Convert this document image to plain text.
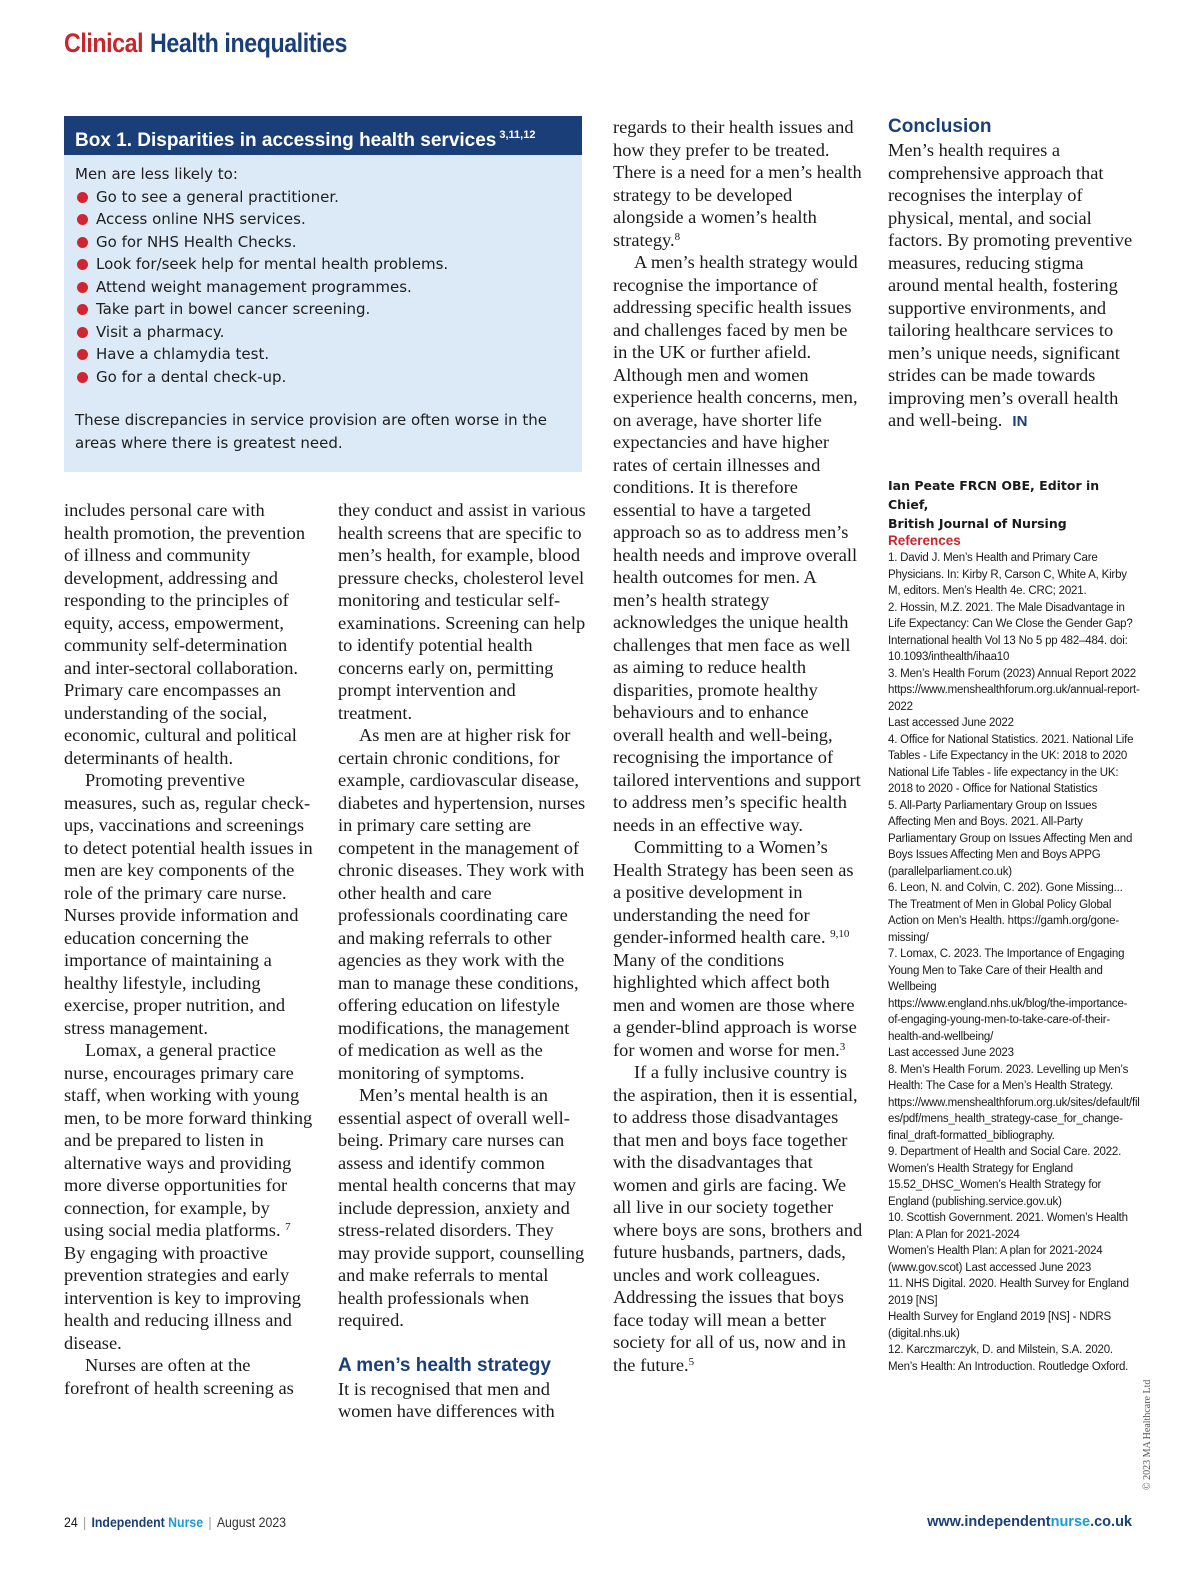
Clinical Health inequalities
Box 1. Disparities in accessing health services $^{3,11,12}$
Men are less likely to:
Go to see a general practitioner.
Access online NHS services.
Go for NHS Health Checks.
Look for/seek help for mental health problems.
Attend weight management programmes.
Take part in bowel cancer screening.
Visit a pharmacy.
Have a chlamydia test.
Go for a dental check-up.
These discrepancies in service provision are often worse in the areas where there is greatest need.

includes personal care with health promotion, the prevention of illness and community development, addressing and responding to the principles of equity, access, empowerment, community self-determination and inter-sectoral collaboration. Primary care encompasses an understanding of the social, economic, cultural and political determinants of health.

Promoting preventive measures, such as, regular check-ups, vaccinations and screenings to detect potential health issues in men are key components of the role of the primary care nurse. Nurses provide information and education concerning the importance of maintaining a healthy lifestyle, including exercise, proper nutrition, and stress management.

Lomax, a general practice nurse, encourages primary care staff, when working with young men, to be more forward thinking and be prepared to listen in alternative ways and providing more diverse opportunities for connection, for example, by using social media platforms. $^7$ By engaging with proactive prevention strategies and early intervention is key to improving health and reducing illness and disease.

Nurses are often at the forefront of health screening as

they conduct and assist in various health screens that are specific to men’s health, for example, blood pressure checks, cholesterol level monitoring and testicular self-examinations. Screening can help to identify potential health concerns early on, permitting prompt intervention and treatment.

As men are at higher risk for certain chronic conditions, for example, cardiovascular disease, diabetes and hypertension, nurses in primary care setting are competent in the management of chronic diseases. They work with other health and care professionals coordinating care and making referrals to other agencies as they work with the man to manage these conditions, offering education on lifestyle modifications, the management of medication as well as the monitoring of symptoms.

Men’s mental health is an essential aspect of overall well-being. Primary care nurses can assess and identify common mental health concerns that may include depression, anxiety and stress-related disorders. They may provide support, counselling and make referrals to mental health professionals when required.

A men’s health strategy

It is recognised that men and women have differences with

regards to their health issues and how they prefer to be treated. There is a need for a men’s health strategy to be developed alongside a women’s health strategy.$^8$

A men’s health strategy would recognise the importance of addressing specific health issues and challenges faced by men be in the UK or further afield. Although men and women experience health concerns, men, on average, have shorter life expectancies and have higher rates of certain illnesses and conditions. It is therefore essential to have a targeted approach so as to address men’s health needs and improve overall health outcomes for men. A men’s health strategy acknowledges the unique health challenges that men face as well as aiming to reduce health disparities, promote healthy behaviours and to enhance overall health and well-being, recognising the importance of tailored interventions and support to address men’s specific health needs in an effective way.

Committing to a Women’s Health Strategy has been seen as a positive development in understanding the need for gender-informed health care. $^{9,10}$ Many of the conditions highlighted which affect both men and women are those where a gender-blind approach is worse for women and worse for men.$^3$

If a fully inclusive country is the aspiration, then it is essential, to address those disadvantages that men and boys face together with the disadvantages that women and girls are facing. We all live in our society together where boys are sons, brothers and future husbands, partners, dads, uncles and work colleagues. Addressing the issues that boys face today will mean a better society for all of us, now and in the future.$^5$

Conclusion

Men’s health requires a comprehensive approach that recognises the interplay of physical, mental, and social factors. By promoting preventive measures, reducing stigma around mental health, fostering supportive environments, and tailoring healthcare services to men’s unique needs, significant strides can be made towards improving men’s overall health and well-being. IN

Ian Peate FRCN OBE, Editor in Chief,
British Journal of Nursing
References
1. David J. Men’s Health and Primary Care Physicians. In: Kirby R, Carson C, White A, Kirby M, editors. Men’s Health 4e. CRC; 2021.
2. Hossin, M.Z. 2021. The Male Disadvantage in Life Expectancy: Can We Close the Gender Gap? International health Vol 13 No 5 pp 482–484. doi: 10.1093/inthealth/ihaa10
3. Men’s Health Forum (2023) Annual Report 2022 https://www.menshealthforum.org.uk/annual-report-2022
Last accessed June 2022
4. Office for National Statistics. 2021. National Life Tables - Life Expectancy in the UK: 2018 to 2020
National Life Tables - life expectancy in the UK: 2018 to 2020 - Office for National Statistics
5. All-Party Parliamentary Group on Issues Affecting Men and Boys. 2021. All-Party Parliamentary Group on Issues Affecting Men and Boys Issues Affecting Men and Boys APPG (parallelparliament.co.uk)
6. Leon, N. and Colvin, C. 202). Gone Missing... The Treatment of Men in Global Policy Global Action on Men’s Health. https://gamh.org/gone-missing/
7. Lomax, C. 2023. The Importance of Engaging Young Men to Take Care of their Health and Wellbeing
https://www.england.nhs.uk/blog/the-importance-of-engaging-young-men-to-take-care-of-their-health-and-wellbeing/
Last accessed June 2023
8. Men’s Health Forum. 2023. Levelling up Men’s Health: The Case for a Men’s Health Strategy.
https://www.menshealthforum.org.uk/sites/default/files/pdf/mens_health_strategy-case_for_change-final_draft-formatted_bibliography.
9. Department of Health and Social Care. 2022. Women’s Health Strategy for England
15.52_DHSC_Women’s Health Strategy for England (publishing.service.gov.uk)
10. Scottish Government. 2021. Women’s Health Plan: A Plan for 2021-2024
Women’s Health Plan: A plan for 2021-2024 (www.gov.scot) Last accessed June 2023
11. NHS Digital. 2020. Health Survey for England 2019 [NS]
Health Survey for England 2019 [NS] - NDRS (digital.nhs.uk)
12. Karczmarczyk, D. and Milstein, S.A. 2020. Men’s Health: An Introduction. Routledge Oxford.
© 2023 MA Healthcare Ltd
24 | Independent Nurse | August 2023	www.independentnurse.co.uk
